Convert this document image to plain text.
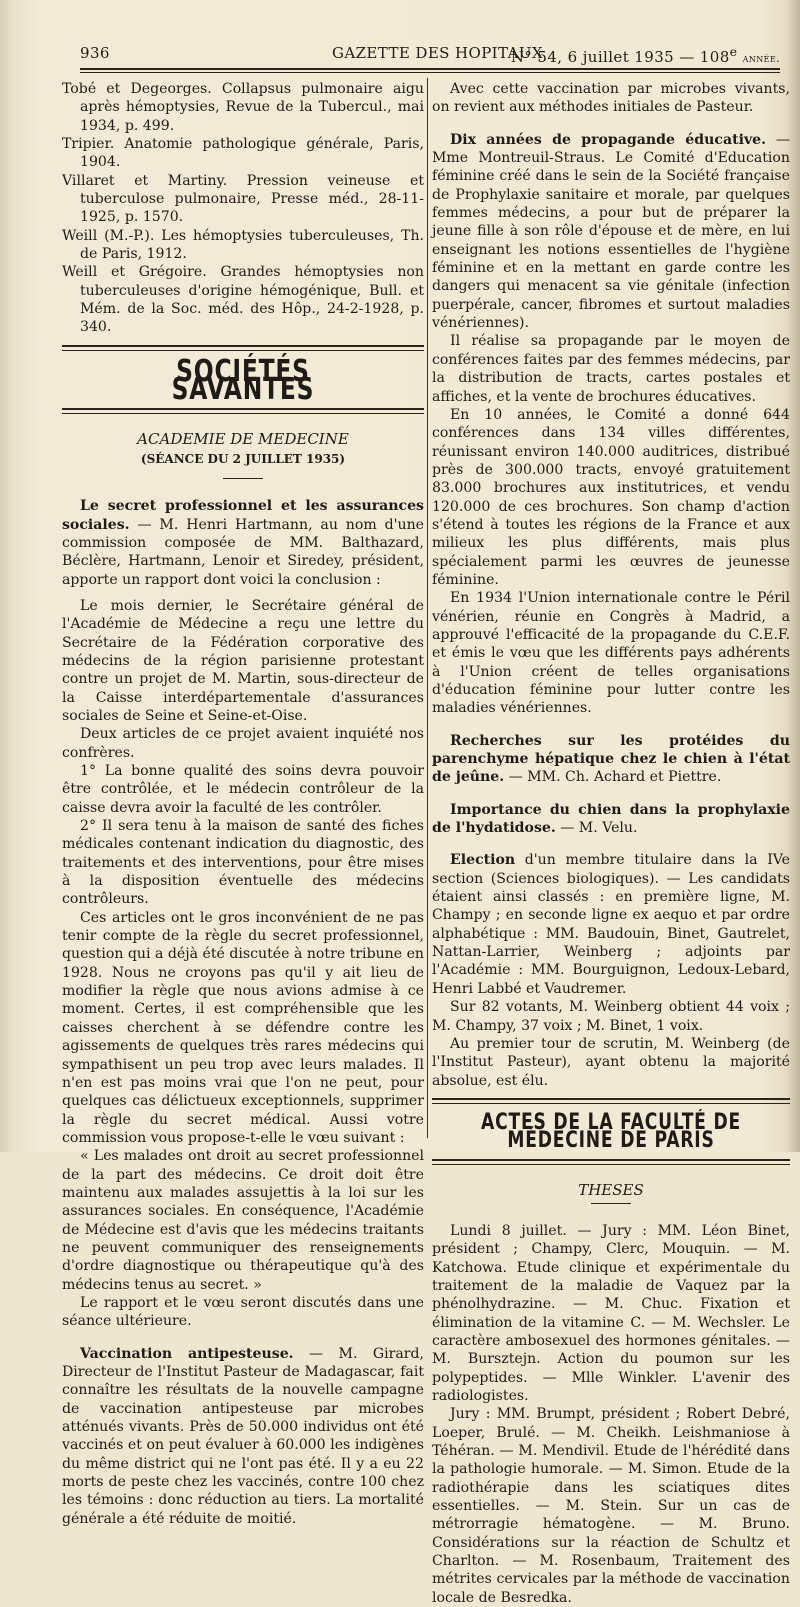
936	GAZETTE DES HOPITAUX
N° 54, 6 juillet 1935 — 108e année.

Tobé et Degeorges. Collapsus pulmonaire aigu après hémoptysies, Revue de la Tubercul., mai 1934, p. 499.

Tripier. Anatomie pathologique générale, Paris, 1904.

Villaret et Martiny. Pression veineuse et tuberculose pulmonaire, Presse méd., 28-11-1925, p. 1570.

Weill (M.-P.). Les hémoptysies tuberculeuses, Th. de Paris, 1912.

Weill et Grégoire. Grandes hémoptysies non tuberculeuses d'origine hémogénique, Bull. et Mém. de la Soc. méd. des Hôp., 24-2-1928, p. 340.

SOCIÉTÉS SAVANTES
ACADEMIE DE MEDECINE
(SÉANCE DU 2 JUILLET 1935)

Le secret professionnel et les assurances sociales. — M. Henri Hartmann, au nom d'une commission composée de MM. Balthazard, Béclère, Hartmann, Lenoir et Siredey, président, apporte un rapport dont voici la conclusion :

Le mois dernier, le Secrétaire général de l'Académie de Médecine a reçu une lettre du Secrétaire de la Fédération corporative des médecins de la région parisienne protestant contre un projet de M. Martin, sous-directeur de la Caisse interdépartementale d'assurances sociales de Seine et Seine-et-Oise.

Deux articles de ce projet avaient inquiété nos confrères.

1° La bonne qualité des soins devra pouvoir être contrôlée, et le médecin contrôleur de la caisse devra avoir la faculté de les contrôler.

2° Il sera tenu à la maison de santé des fiches médicales contenant indication du diagnostic, des traitements et des interventions, pour être mises à la disposition éventuelle des médecins contrôleurs.

Ces articles ont le gros inconvénient de ne pas tenir compte de la règle du secret professionnel, question qui a déjà été discutée à notre tribune en 1928. Nous ne croyons pas qu'il y ait lieu de modifier la règle que nous avions admise à ce moment. Certes, il est compréhensible que les caisses cherchent à se défendre contre les agissements de quelques très rares médecins qui sympathisent un peu trop avec leurs malades. Il n'en est pas moins vrai que l'on ne peut, pour quelques cas délictueux exceptionnels, supprimer la règle du secret médical. Aussi votre commission vous propose-t-elle le vœu suivant :

« Les malades ont droit au secret professionnel de la part des médecins. Ce droit doit être maintenu aux malades assujettis à la loi sur les assurances sociales. En conséquence, l'Académie de Médecine est d'avis que les médecins traitants ne peuvent communiquer des renseignements d'ordre diagnostique ou thérapeutique qu'à des médecins tenus au secret. »

Le rapport et le vœu seront discutés dans une séance ultérieure.

Vaccination antipesteuse. — M. Girard, Directeur de l'Institut Pasteur de Madagascar, fait connaître les résultats de la nouvelle campagne de vaccination antipesteuse par microbes atténués vivants. Près de 50.000 individus ont été vaccinés et on peut évaluer à 60.000 les indigènes du même district qui ne l'ont pas été. Il y a eu 22 morts de peste chez les vaccinés, contre 100 chez les témoins : donc réduction au tiers. La mortalité générale a été réduite de moitié.

Avec cette vaccination par microbes vivants, on revient aux méthodes initiales de Pasteur.

Dix années de propagande éducative. — Mme Montreuil-Straus. Le Comité d'Education féminine créé dans le sein de la Société française de Prophylaxie sanitaire et morale, par quelques femmes médecins, a pour but de préparer la jeune fille à son rôle d'épouse et de mère, en lui enseignant les notions essentielles de l'hygiène féminine et en la mettant en garde contre les dangers qui menacent sa vie génitale (infection puerpérale, cancer, fibromes et surtout maladies vénériennes).

Il réalise sa propagande par le moyen de conférences faites par des femmes médecins, par la distribution de tracts, cartes postales et affiches, et la vente de brochures éducatives.

En 10 années, le Comité a donné 644 conférences dans 134 villes différentes, réunissant environ 140.000 auditrices, distribué près de 300.000 tracts, envoyé gratuitement 83.000 brochures aux institutrices, et vendu 120.000 de ces brochures. Son champ d'action s'étend à toutes les régions de la France et aux milieux les plus différents, mais plus spécialement parmi les œuvres de jeunesse féminine.

En 1934 l'Union internationale contre le Péril vénérien, réunie en Congrès à Madrid, a approuvé l'efficacité de la propagande du C.E.F. et émis le vœu que les différents pays adhérents à l'Union créent de telles organisations d'éducation féminine pour lutter contre les maladies vénériennes.

Recherches sur les protéides du parenchyme hépatique chez le chien à l'état de jeûne. — MM. Ch. Achard et Piettre.

Importance du chien dans la prophylaxie de l'hydatidose. — M. Velu.

Election d'un membre titulaire dans la IVe section (Sciences biologiques). — Les candidats étaient ainsi classés : en première ligne, M. Champy ; en seconde ligne ex aequo et par ordre alphabétique : MM. Baudouin, Binet, Gautrelet, Nattan-Larrier, Weinberg ; adjoints par l'Académie : MM. Bourguignon, Ledoux-Lebard, Henri Labbé et Vaudremer.

Sur 82 votants, M. Weinberg obtient 44 voix ; M. Champy, 37 voix ; M. Binet, 1 voix.

Au premier tour de scrutin, M. Weinberg (de l'Institut Pasteur), ayant obtenu la majorité absolue, est élu.

ACTES DE LA FACULTÉ DE MÉDECINE DE PARIS
THESES

Lundi 8 juillet. — Jury : MM. Léon Binet, président ; Champy, Clerc, Mouquin. — M. Katchowa. Etude clinique et expérimentale du traitement de la maladie de Vaquez par la phénolhydrazine. — M. Chuc. Fixation et élimination de la vitamine C. — M. Wechsler. Le caractère ambosexuel des hormones génitales. — M. Bursztejn. Action du poumon sur les polypeptides. — Mlle Winkler. L'avenir des radiologistes.

Jury : MM. Brumpt, président ; Robert Debré, Loeper, Brulé. — M. Cheikh. Leishmaniose à Téhéran. — M. Mendivil. Etude de l'hérédité dans la pathologie humorale. — M. Simon. Etude de la radiothérapie dans les sciatiques dites essentielles. — M. Stein. Sur un cas de métrorragie hématogène. — M. Bruno. Considérations sur la réaction de Schultz et Charlton. — M. Rosenbaum, Traitement des métrites cervicales par la méthode de vaccination locale de Besredka.
